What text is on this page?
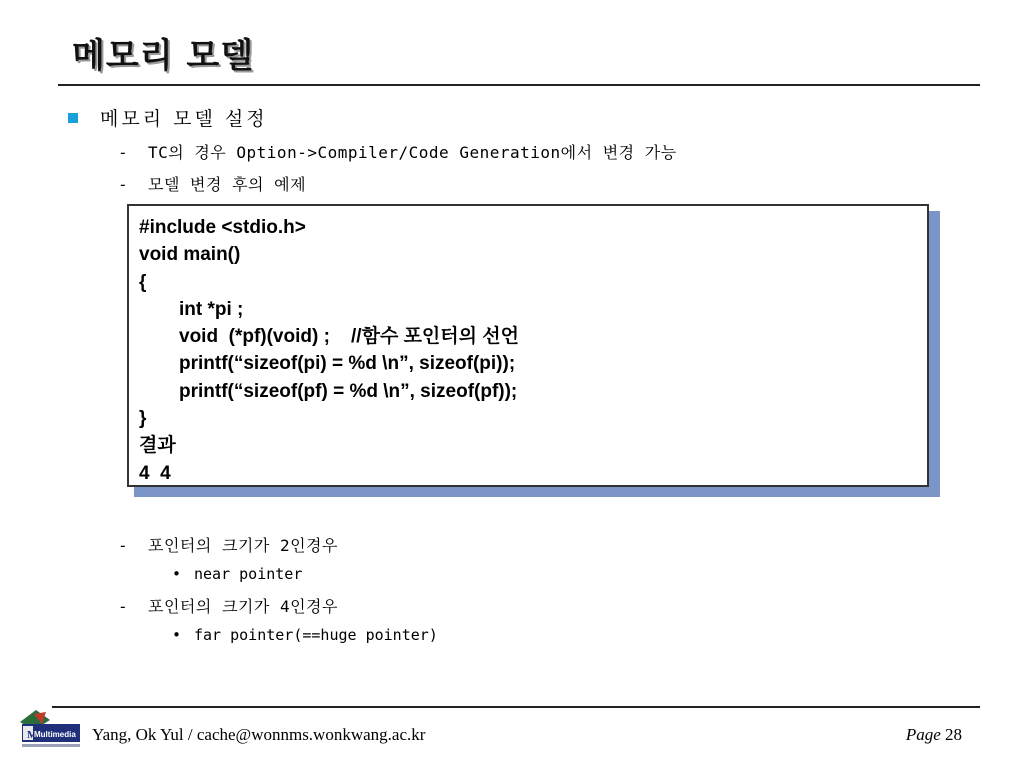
메모리 모델
메모리 모델 설정
- TC의 경우 Option->Compiler/Code Generation에서 변경 가능
- 모델 변경 후의 예제
#include <stdio.h>
void main()
{
int *pi ;
void  (*pf)(void) ;    //함수 포인터의 선언
printf(“sizeof(pi) = %d \n”, sizeof(pi));
printf(“sizeof(pf) = %d \n”, sizeof(pf));
}
결과
4  4
- 포인터의 크기가 2인경우
• near pointer
- 포인터의 크기가 4인경우
• far pointer(==huge pointer)
M
Multimedia Yang, Ok Yul / cache@wonnms.wonkwang.ac.kr	Page 28
